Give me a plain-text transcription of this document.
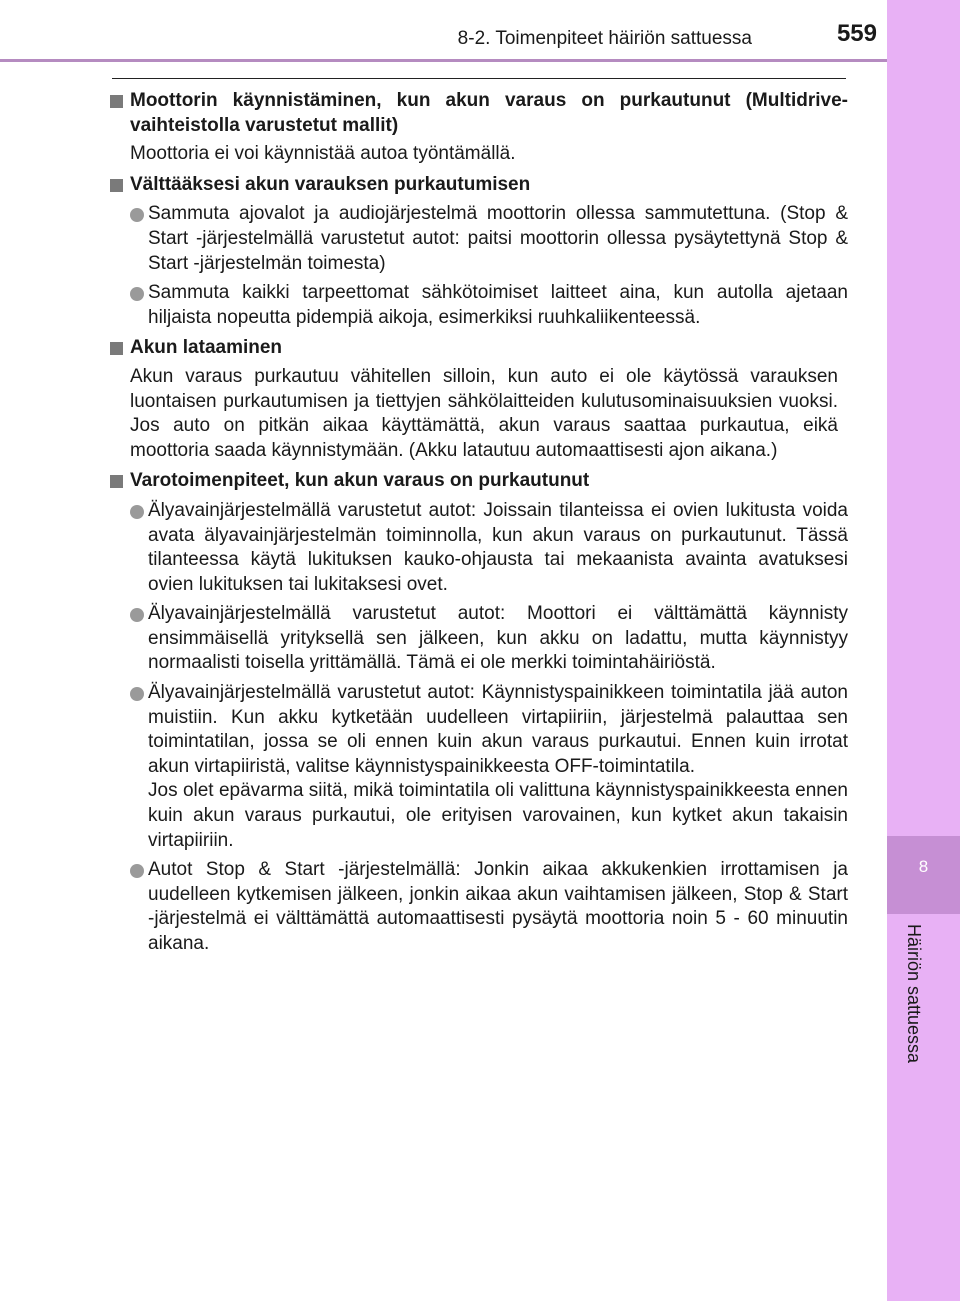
8-2. Toimenpiteet häiriön sattuessa	559
8
Häiriön sattuessa
Moottorin käynnistäminen, kun akun varaus on purkautunut (Multidrive-vaihteistolla varustetut mallit)
Moottoria ei voi käynnistää autoa työntämällä.
Välttääksesi akun varauksen purkautumisen

Sammuta ajovalot ja audiojärjestelmä moottorin ollessa sammutettuna. (Stop & Start -järjestelmällä varustetut autot: paitsi moottorin ollessa pysäytettynä Stop & Start -järjestelmän toimesta)

Sammuta kaikki tarpeettomat sähkötoimiset laitteet aina, kun autolla ajetaan hiljaista nopeutta pidempiä aikoja, esimerkiksi ruuhkaliikenteessä.

Akun lataaminen
Akun varaus purkautuu vähitellen silloin, kun auto ei ole käytössä varauksen luontaisen purkautumisen ja tiettyjen sähkölaitteiden kulutusominaisuuksien vuoksi. Jos auto on pitkän aikaa käyttämättä, akun varaus saattaa purkautua, eikä moottoria saada käynnistymään. (Akku latautuu automaattisesti ajon aikana.)
Varotoimenpiteet, kun akun varaus on purkautunut

Älyavainjärjestelmällä varustetut autot: Joissain tilanteissa ei ovien lukitusta voida avata älyavainjärjestelmän toiminnolla, kun akun varaus on purkautunut. Tässä tilanteessa käytä lukituksen kauko-ohjausta tai mekaanista avainta avatuksesi ovien lukituksen tai lukitaksesi ovet.

Älyavainjärjestelmällä varustetut autot: Moottori ei välttämättä käynnisty ensimmäisellä yrityksellä sen jälkeen, kun akku on ladattu, mutta käynnistyy normaalisti toisella yrittämällä. Tämä ei ole merkki toimintahäiriöstä.

Älyavainjärjestelmällä varustetut autot: Käynnistyspainikkeen toimintatila jää auton muistiin. Kun akku kytketään uudelleen virtapiiriin, järjestelmä palauttaa sen toimintatilan, jossa se oli ennen kuin akun varaus purkautui. Ennen kuin irrotat akun virtapiiristä, valitse käynnistyspainikkeesta OFF-toimintatila.

Jos olet epävarma siitä, mikä toimintatila oli valittuna käynnistyspainikkeesta ennen kuin akun varaus purkautui, ole erityisen varovainen, kun kytket akun takaisin virtapiiriin.

Autot Stop & Start -järjestelmällä: Jonkin aikaa akkukenkien irrottamisen ja uudelleen kytkemisen jälkeen, jonkin aikaa akun vaihtamisen jälkeen, Stop & Start -järjestelmä ei välttämättä automaattisesti pysäytä moottoria noin 5 - 60 minuutin aikana.
